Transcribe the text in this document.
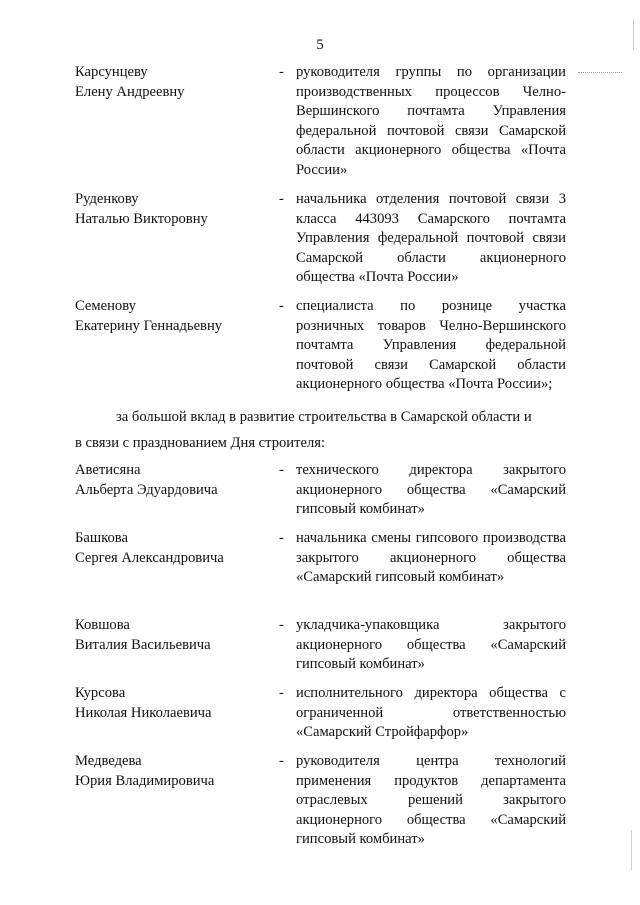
5
Карсунцеву
Елену Андреевну
- руководителя группы по организации производственных процессов Челно-Вершинского почтамта Управления федеральной почтовой связи Самарской области акционерного общества «Почта России»
Руденкову
Наталью Викторовну
- начальника отделения почтовой связи 3 класса 443093 Самарского почтамта Управления федеральной почтовой связи Самарской области акционерного общества «Почта России»
Семенову
Екатерину Геннадьевну
- специалиста по рознице участка розничных товаров Челно-Вершинского почтамта Управления федеральной почтовой связи Самарской области акционерного общества «Почта России»;
за большой вклад в развитие строительства в Самарской области и
в связи с празднованием Дня строителя:
Аветисяна
Альберта Эдуардовича
- технического директора закрытого акционерного общества «Самарский гипсовый комбинат»
Башкова
Сергея Александровича
- начальника смены гипсового производства закрытого акционерного общества «Самарский гипсовый комбинат»
Ковшова
Виталия Васильевича
- укладчика-упаковщика закрытого акционерного общества «Самарский гипсовый комбинат»
Курсова
Николая Николаевича
- исполнительного директора общества с ограниченной ответственностью «Самарский Стройфарфор»
Медведева
Юрия Владимировича
- руководителя центра технологий применения продуктов департамента отраслевых решений закрытого акционерного общества «Самарский гипсовый комбинат»
